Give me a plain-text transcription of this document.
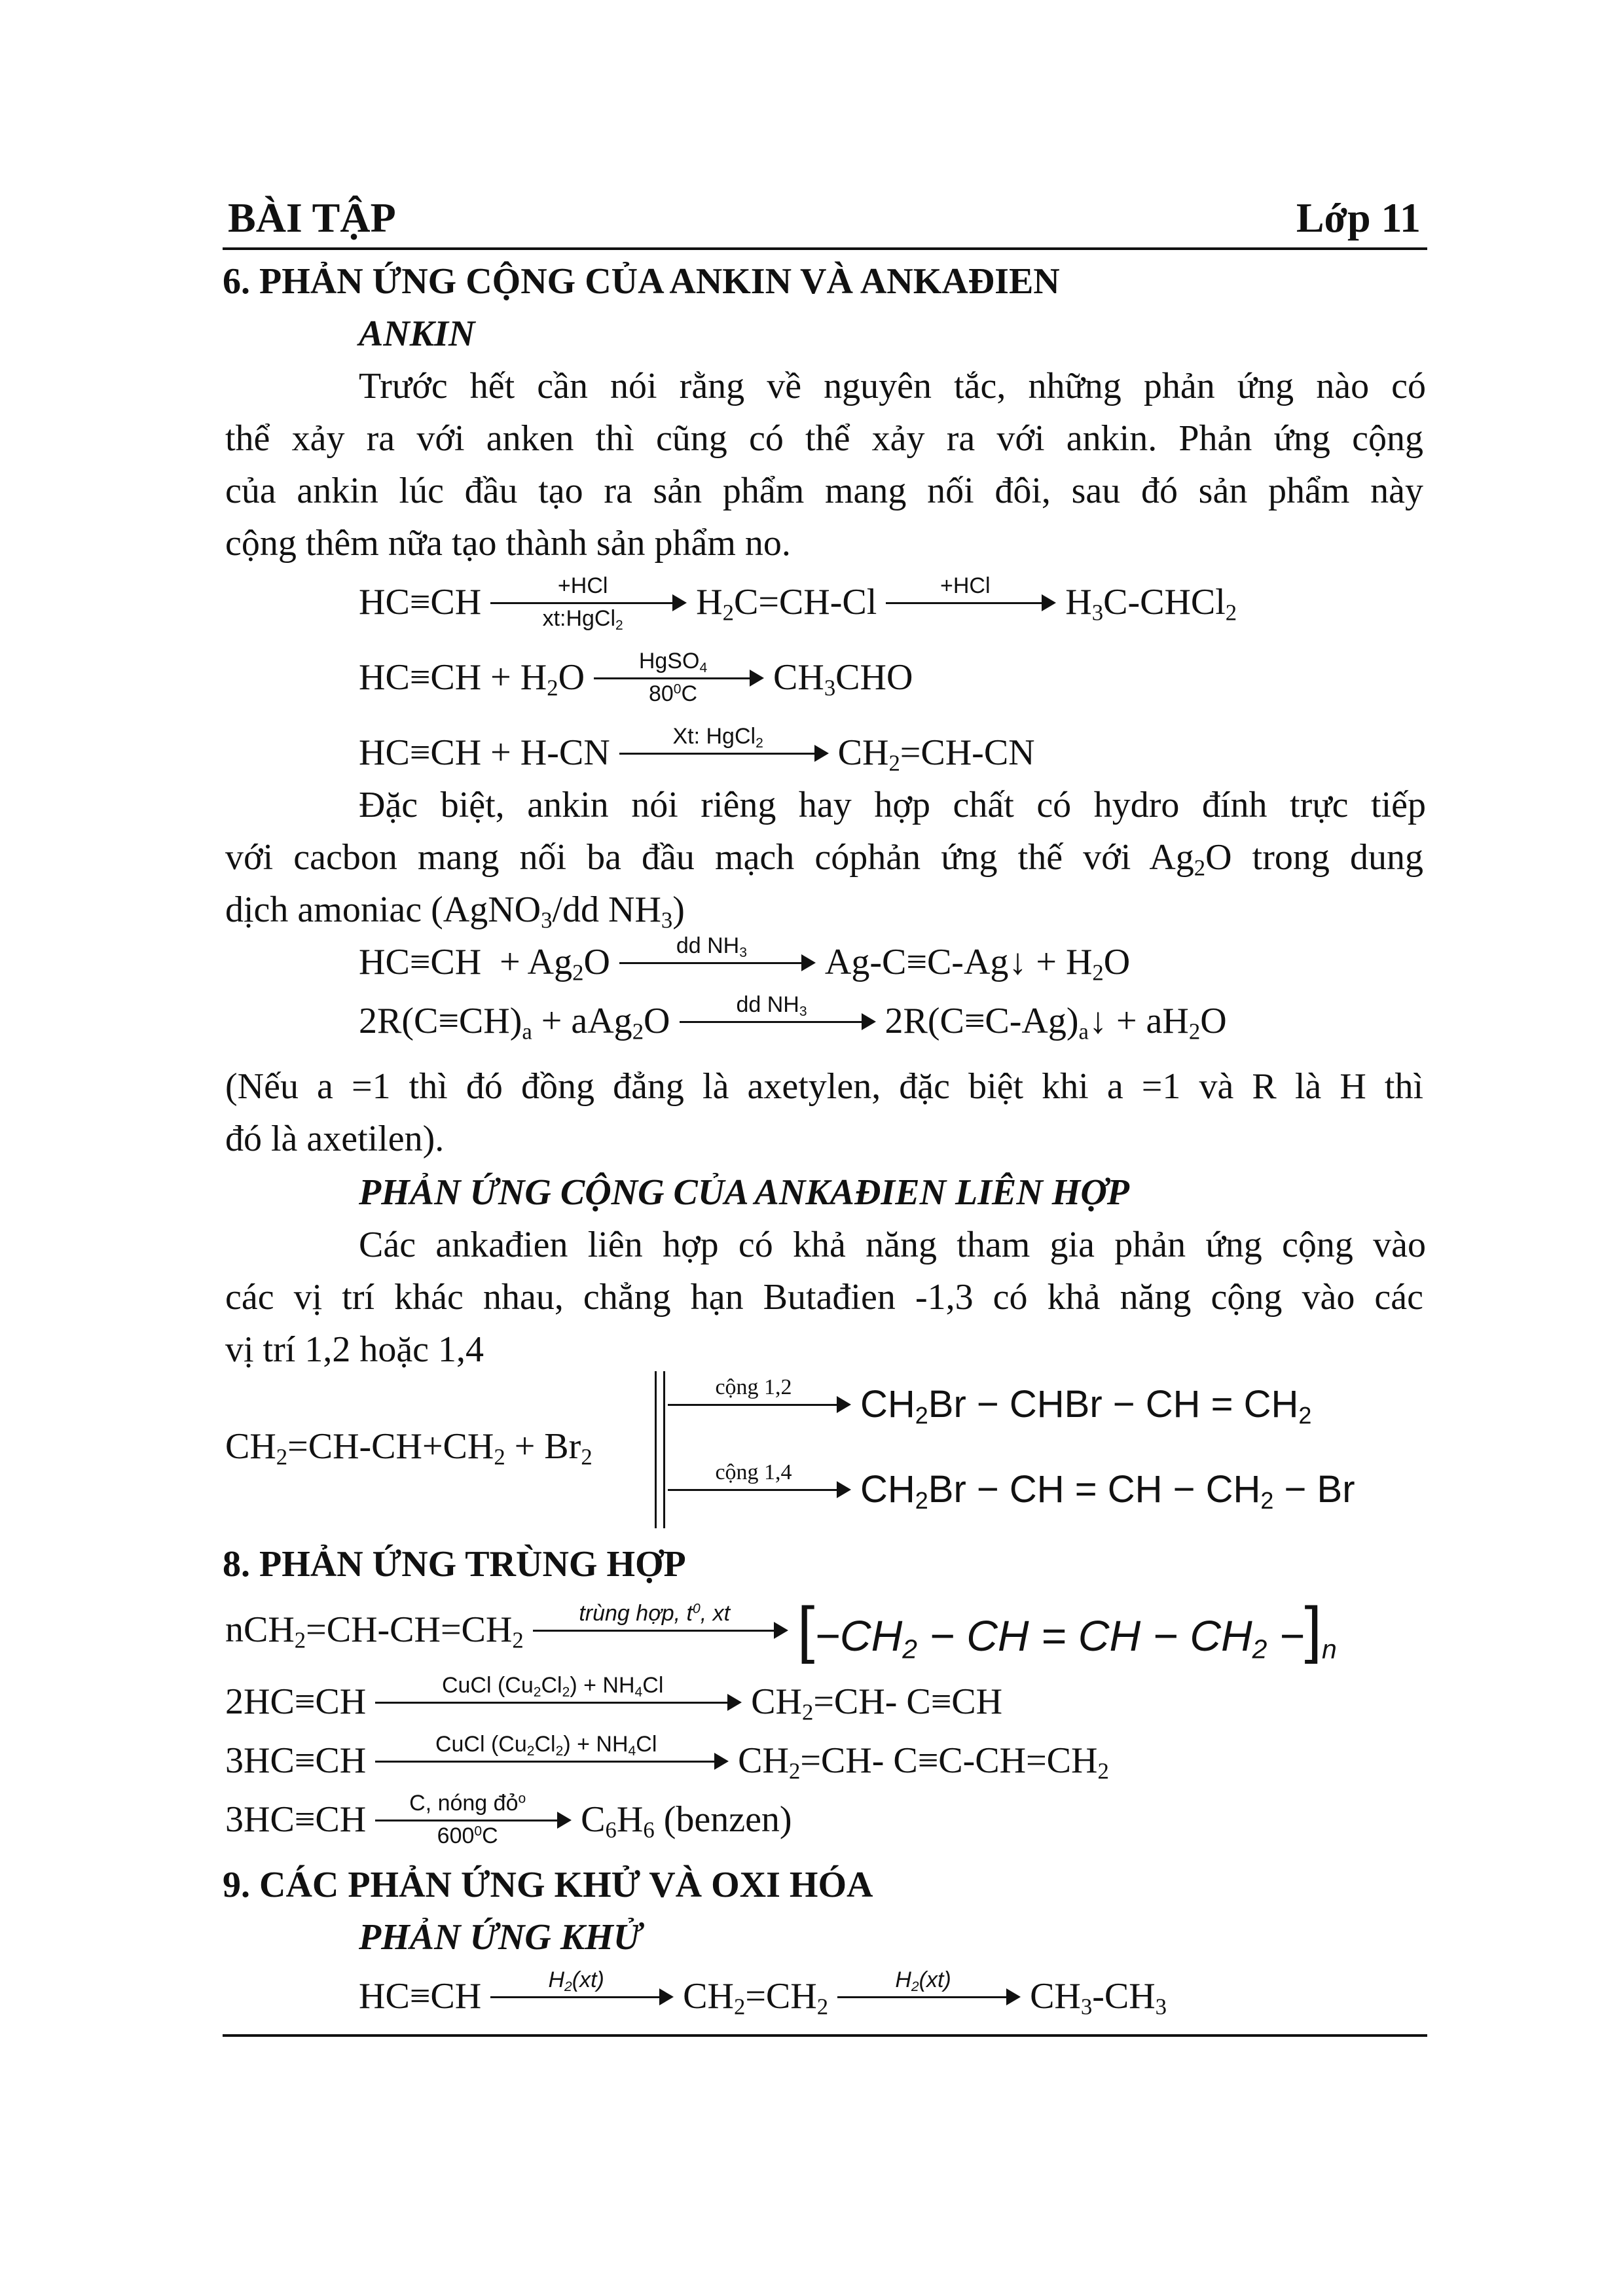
BÀI TẬP	Lớp 11
6. PHẢN ỨNG CỘNG CỦA ANKIN VÀ ANKAĐIEN
ANKIN
Trước hết cần nói rằng về nguyên tắc, những phản ứng nào có
thể xảy ra với anken thì cũng có thể xảy ra với ankin. Phản ứng cộng
của ankin lúc đầu tạo ra sản phẩm mang nối đôi, sau đó sản phẩm này
cộng thêm nữa tạo thành sản phẩm no.
HC≡CH	+HCl
xt:HgCl$_2$
$H_2C=CH-Cl$	+HCl	$H_3C-CHCl_2$
$HC\equiv CH + H_2O$	HgSO$_4$
$80^0C$	$CH_3CHO$
HC≡CH + H-CN	Xt: HgCl$_2$	$CH_2=CH-CN$
Đặc biệt, ankin nói riêng hay hợp chất có hydro đính trực tiếp
với cacbon mang nối ba đầu mạch cóphản ứng thế với $Ag_2O$ trong dung
dịch amoniac (AgNO$_3$/dd $NH_3$)
$HC\equiv CH + Ag_2O$	dd $NH_3$	Ag-C≡C-Ag↓ + $H_2O$
$2R(C\equiv CH)_a + aAg_2O$	dd $NH_3$	$2R(C\equiv C-Ag)_a↓ + aH_2O$
(Nếu a =1 thì đó đồng đẳng là axetylen, đặc biệt khi a =1 và R là H thì
đó là axetilen).
PHẢN ỨNG CỘNG CỦA ANKAĐIEN LIÊN HỢP
Các ankađien liên hợp có khả năng tham gia phản ứng cộng vào
các vị trí khác nhau, chẳng hạn Butađien -1,3 có khả năng cộng vào các
vị trí 1,2 hoặc 1,4
$CH_2=CH-CH+CH_2 + Br_2$
cộng 1,2	$CH_2Br$ − CHBr − CH = $CH_2$
cộng 1,4	$CH_2Br$ − CH = CH − $CH_2 - Br$
8. PHẢN ỨNG TRÙNG HỢP
$nCH_2=CH-CH=CH_2$
trùng hợp, $t^0$, xt	[$-CH_2$ − CH = CH − $CH_2 -]_n$
2HC≡CH	CuCl $(Cu_2Cl_2) + NH_4Cl$	$CH_2=CH-$ C≡CH
3HC≡CH	CuCl $(Cu_2Cl_2) + NH_4Cl$	$CH_2=CH-$ $C\equiv C-CH=CH_2$
3HC≡CH	C, nóng đỏ$^o$
$600^0C$	$C_6H_6$ (benzen)
9. CÁC PHẢN ỨNG KHỬ VÀ OXI HÓA
PHẢN ỨNG KHỬ
HC≡CH	$H_2(xt)$	$CH_2=CH_2$
$H_2(xt)$	$CH_3-CH_3$
